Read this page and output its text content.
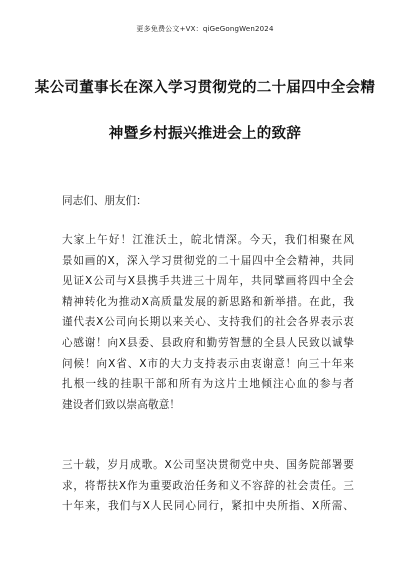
更多免费公文+VX：qiGeGongWen2024
某公司董事长在深入学习贯彻党的二十届四中全会精
神暨乡村振兴推进会上的致辞
同志们、朋友们：
大家上午好！江淮沃土，皖北情深。今天，我们相聚在风
景如画的X，深入学习贯彻党的二十届四中全会精神，共同
见证X公司与X县携手共进三十周年，共同擘画将四中全会
精神转化为推动X高质量发展的新思路和新举措。在此，我
谨代表X公司向长期以来关心、支持我们的社会各界表示衷
心感谢！向X县委、县政府和勤劳智慧的全县人民致以诚挚
问候！向X省、X市的大力支持表示由衷谢意！向三十年来
扎根一线的挂职干部和所有为这片土地倾注心血的参与者
建设者们致以崇高敬意！
三十载，岁月成歌。X公司坚决贯彻党中央、国务院部署要
求，将帮扶X作为重要政治任务和义不容辞的社会责任。三
十年来，我们与X人民同心同行，紧扣中央所指、X所需、
